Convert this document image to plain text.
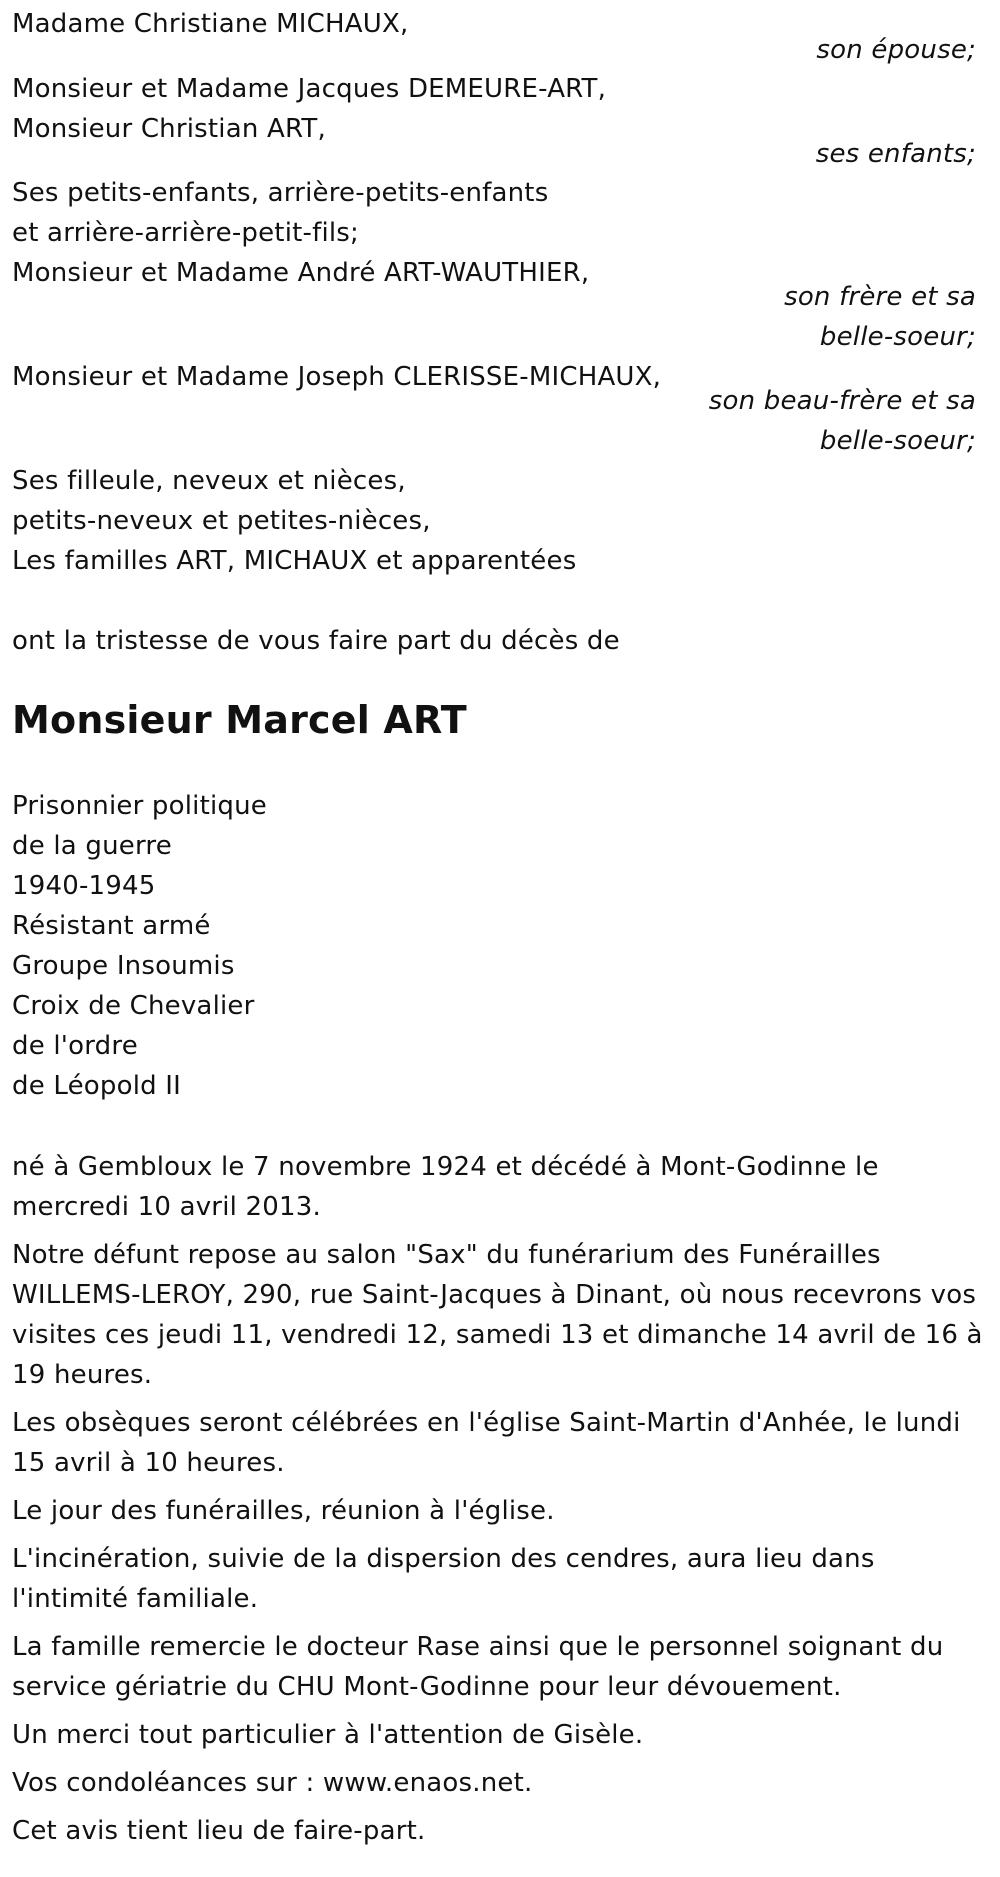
Madame Christiane MICHAUX,
son épouse;
Monsieur et Madame Jacques DEMEURE-ART,
Monsieur Christian ART,
ses enfants;
Ses petits-enfants, arrière-petits-enfants
et arrière-arrière-petit-fils;
Monsieur et Madame André ART-WAUTHIER,
son frère et sa
belle-soeur;
Monsieur et Madame Joseph CLERISSE-MICHAUX,
son beau-frère et sa
belle-soeur;
Ses filleule, neveux et nièces,
petits-neveux et petites-nièces,
Les familles ART, MICHAUX et apparentées
ont la tristesse de vous faire part du décès de
Monsieur Marcel ART
Prisonnier politique
de la guerre
1940-1945
Résistant armé
Groupe Insoumis
Croix de Chevalier
de l'ordre
de Léopold II

né à Gembloux le 7 novembre 1924 et décédé à Mont-Godinne le mercredi 10 avril 2013.

Notre défunt repose au salon "Sax" du funérarium des Funérailles WILLEMS-LEROY, 290, rue Saint-Jacques à Dinant, où nous recevrons vos visites ces jeudi 11, vendredi 12, samedi 13 et dimanche 14 avril de 16 à 19 heures.

Les obsèques seront célébrées en l'église Saint-Martin d'Anhée, le lundi 15 avril à 10 heures.

Le jour des funérailles, réunion à l'église.

L'incinération, suivie de la dispersion des cendres, aura lieu dans l'intimité familiale.

La famille remercie le docteur Rase ainsi que le personnel soignant du service gériatrie du CHU Mont-Godinne pour leur dévouement.

Un merci tout particulier à l'attention de Gisèle.

Vos condoléances sur : www.enaos.net.

Cet avis tient lieu de faire-part.
